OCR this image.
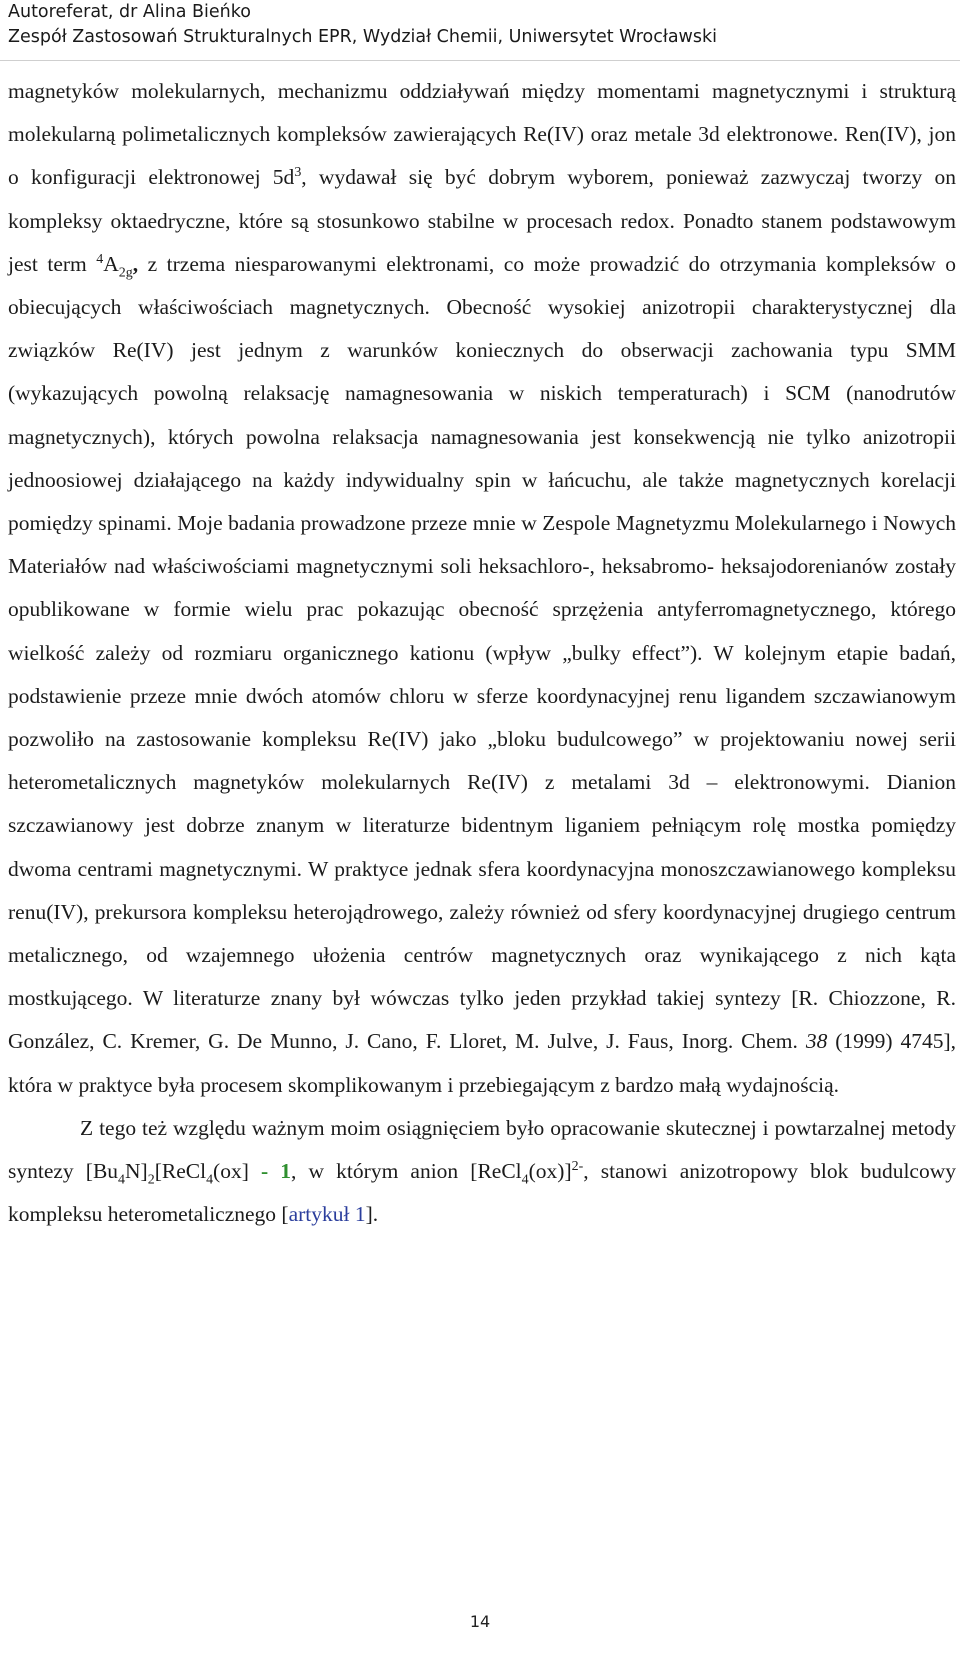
Autoreferat, dr Alina Bieńko
Zespół Zastosowań Strukturalnych EPR, Wydział Chemii, Uniwersytet Wrocławski

magnetyków molekularnych, mechanizmu oddziaływań między momentami magnetycznymi i strukturą molekularną polimetalicznych kompleksów zawierających Re(IV) oraz metale 3d elektronowe. Ren(IV), jon o konfiguracji elektronowej $5d^3$, wydawał się być dobrym wyborem, ponieważ zazwyczaj tworzy on kompleksy oktaedryczne, które są stosunkowo stabilne w procesach redox. Ponadto stanem podstawowym jest term $^4A_{2g}$, z trzema niesparowanymi elektronami, co może prowadzić do otrzymania kompleksów o obiecujących właściwościach magnetycznych. Obecność wysokiej anizotropii charakterystycznej dla związków Re(IV) jest jednym z warunków koniecznych do obserwacji zachowania typu SMM (wykazujących powolną relaksację namagnesowania w niskich temperaturach) i SCM (nanodrutów magnetycznych), których powolna relaksacja namagnesowania jest konsekwencją nie tylko anizotropii jednoosiowej działającego na każdy indywidualny spin w łańcuchu, ale także magnetycznych korelacji pomiędzy spinami. Moje badania prowadzone przeze mnie w Zespole Magnetyzmu Molekularnego i Nowych Materiałów nad właściwościami magnetycznymi soli heksachloro-, heksabromo- heksajodorenianów zostały opublikowane w formie wielu prac pokazując obecność sprzężenia antyferromagnetycznego, którego wielkość zależy od rozmiaru organicznego kationu (wpływ „bulky effect”). W kolejnym etapie badań, podstawienie przeze mnie dwóch atomów chloru w sferze koordynacyjnej renu ligandem szczawianowym pozwoliło na zastosowanie kompleksu Re(IV) jako „bloku budulcowego” w projektowaniu nowej serii heterometalicznych magnetyków molekularnych Re(IV) z metalami 3d – elektronowymi. Dianion szczawianowy jest dobrze znanym w literaturze bidentnym liganiem pełniącym rolę mostka pomiędzy dwoma centrami magnetycznymi. W praktyce jednak sfera koordynacyjna monoszczawianowego kompleksu renu(IV), prekursora kompleksu heterojądrowego, zależy również od sfery koordynacyjnej drugiego centrum metalicznego, od wzajemnego ułożenia centrów magnetycznych oraz wynikającego z nich kąta mostkującego. W literaturze znany był wówczas tylko jeden przykład takiej syntezy [R. Chiozzone, R. González, C. Kremer, G. De Munno, J. Cano, F. Lloret, M. Julve, J. Faus, Inorg. Chem. 38 (1999) 4745], która w praktyce była procesem skomplikowanym i przebiegającym z bardzo małą wydajnością.

Z tego też względu ważnym moim osiągnięciem było opracowanie skutecznej i powtarzalnej metody syntezy $[Bu_4N]_2[ReCl_4(ox] - 1$, w którym anion [ReCl$_4$(ox)]$^{2-}$, stanowi anizotropowy blok budulcowy kompleksu heterometalicznego [artykuł 1].

14
